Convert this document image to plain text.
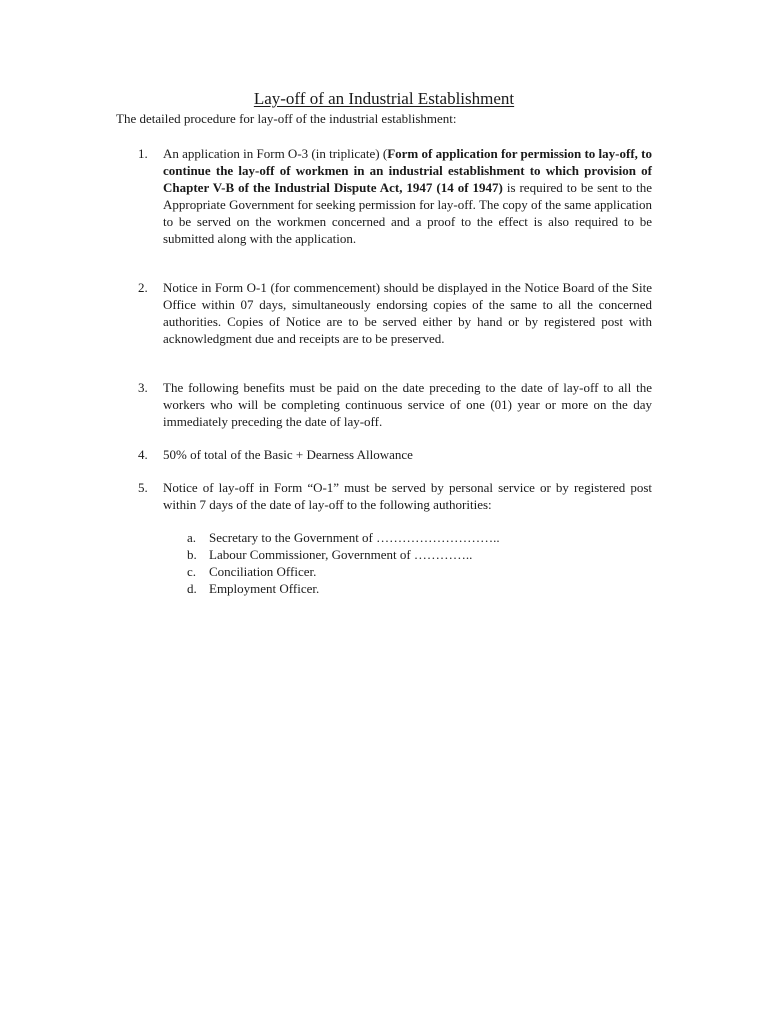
Lay-off of an Industrial Establishment
The detailed procedure for lay-off of the industrial establishment:
1. An application in Form O-3 (in triplicate) (Form of application for permission to lay-off, to continue the lay-off of workmen in an industrial establishment to which provision of Chapter V-B of the Industrial Dispute Act, 1947 (14 of 1947) is required to be sent to the Appropriate Government for seeking permission for lay-off. The copy of the same application to be served on the workmen concerned and a proof to the effect is also required to be submitted along with the application.
2. Notice in Form O-1 (for commencement) should be displayed in the Notice Board of the Site Office within 07 days, simultaneously endorsing copies of the same to all the concerned authorities. Copies of Notice are to be served either by hand or by registered post with acknowledgment due and receipts are to be preserved.
3. The following benefits must be paid on the date preceding to the date of lay-off to all the workers who will be completing continuous service of one (01) year or more on the day immediately preceding the date of lay-off.
4. 50% of total of the Basic + Dearness Allowance
5. Notice of lay-off in Form “O-1” must be served by personal service or by registered post within 7 days of the date of lay-off to the following authorities:
a. Secretary to the Government of ………………………..
b. Labour Commissioner, Government of …………..
c. Conciliation Officer.
d. Employment Officer.
